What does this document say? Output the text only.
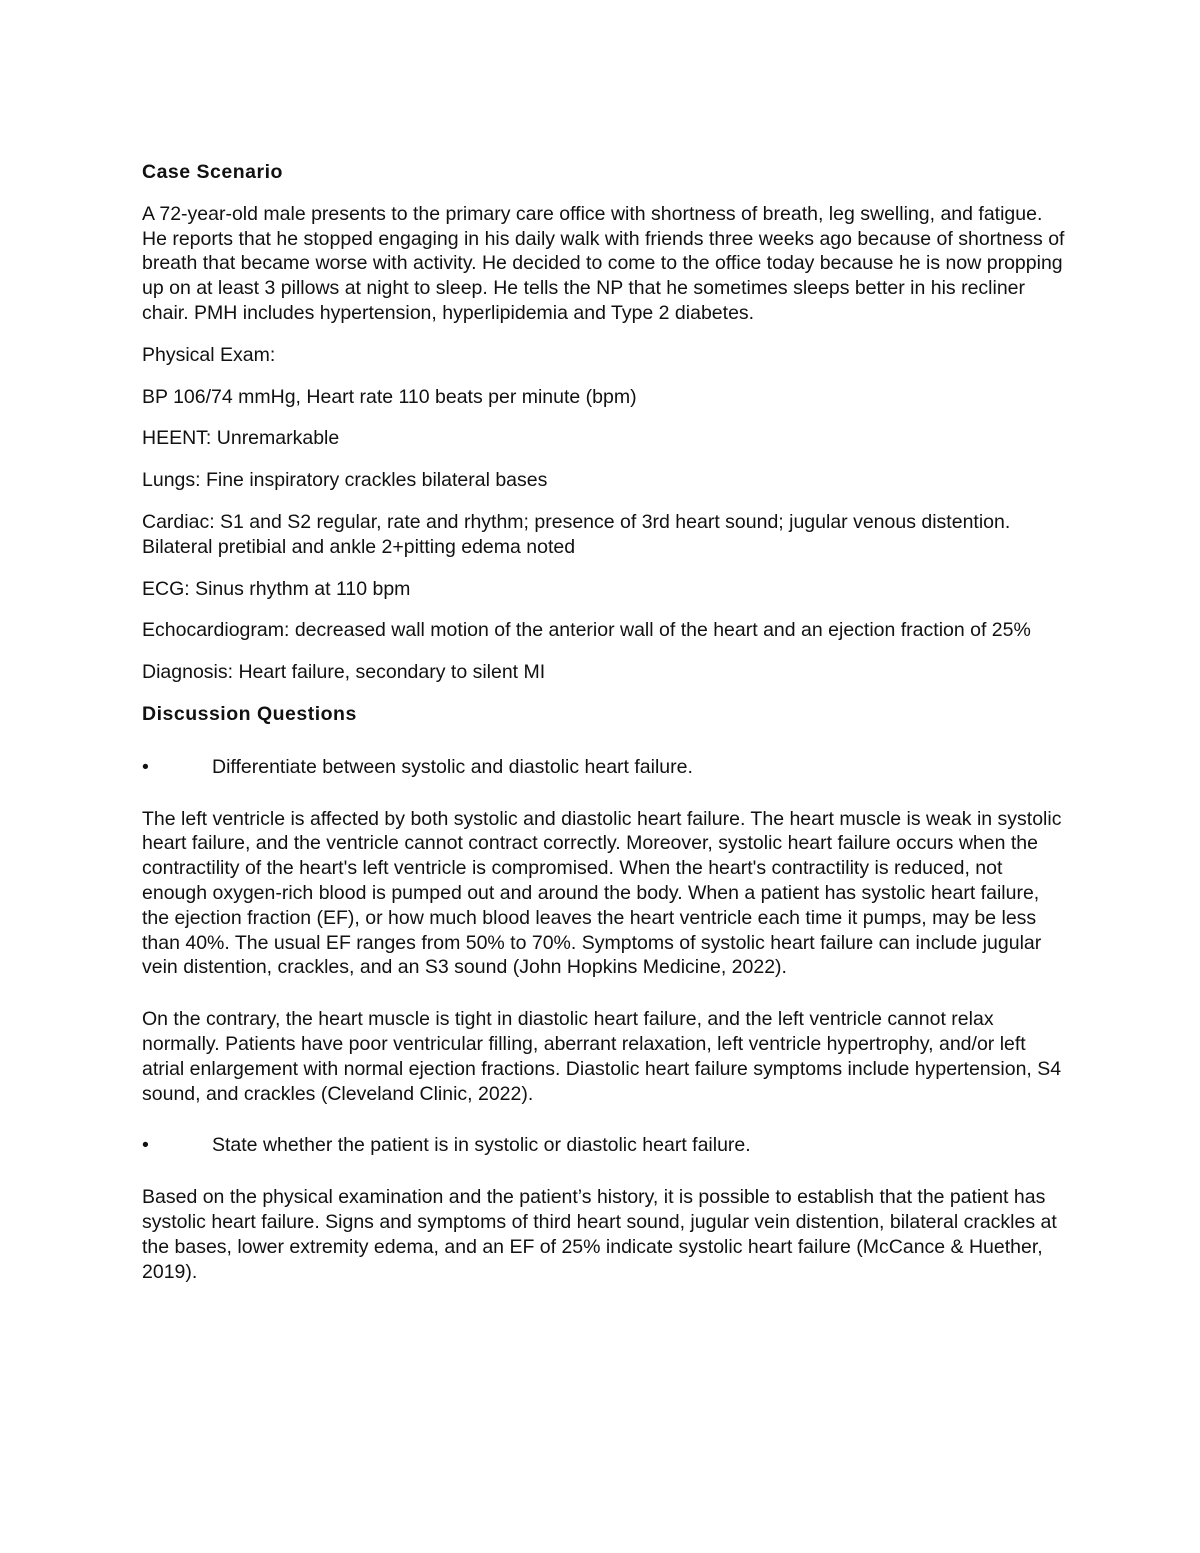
Case Scenario

A 72-year-old male presents to the primary care office with shortness of breath, leg swelling, and fatigue. He reports that he stopped engaging in his daily walk with friends three weeks ago because of shortness of breath that became worse with activity. He decided to come to the office today because he is now propping up on at least 3 pillows at night to sleep. He tells the NP that he sometimes sleeps better in his recliner chair. PMH includes hypertension, hyperlipidemia and Type 2 diabetes.

Physical Exam:

BP 106/74 mmHg, Heart rate 110 beats per minute (bpm)

HEENT: Unremarkable

Lungs: Fine inspiratory crackles bilateral bases

Cardiac: S1 and S2 regular, rate and rhythm; presence of 3rd heart sound; jugular venous distention. Bilateral pretibial and ankle 2+pitting edema noted

ECG: Sinus rhythm at 110 bpm

Echocardiogram: decreased wall motion of the anterior wall of the heart and an ejection fraction of 25%

Diagnosis: Heart failure, secondary to silent MI

Discussion Questions
•	Differentiate between systolic and diastolic heart failure.

The left ventricle is affected by both systolic and diastolic heart failure. The heart muscle is weak in systolic heart failure, and the ventricle cannot contract correctly. Moreover, systolic heart failure occurs when the contractility of the heart's left ventricle is compromised. When the heart's contractility is reduced, not enough oxygen-rich blood is pumped out and around the body. When a patient has systolic heart failure, the ejection fraction (EF), or how much blood leaves the heart ventricle each time it pumps, may be less than 40%. The usual EF ranges from 50% to 70%. Symptoms of systolic heart failure can include jugular vein distention, crackles, and an S3 sound (John Hopkins Medicine, 2022).

On the contrary, the heart muscle is tight in diastolic heart failure, and the left ventricle cannot relax normally. Patients have poor ventricular filling, aberrant relaxation, left ventricle hypertrophy, and/or left atrial enlargement with normal ejection fractions. Diastolic heart failure symptoms include hypertension, S4 sound, and crackles (Cleveland Clinic, 2022).

•	State whether the patient is in systolic or diastolic heart failure.

Based on the physical examination and the patient’s history, it is possible to establish that the patient has systolic heart failure. Signs and symptoms of third heart sound, jugular vein distention, bilateral crackles at the bases, lower extremity edema, and an EF of 25% indicate systolic heart failure (McCance & Huether, 2019).
